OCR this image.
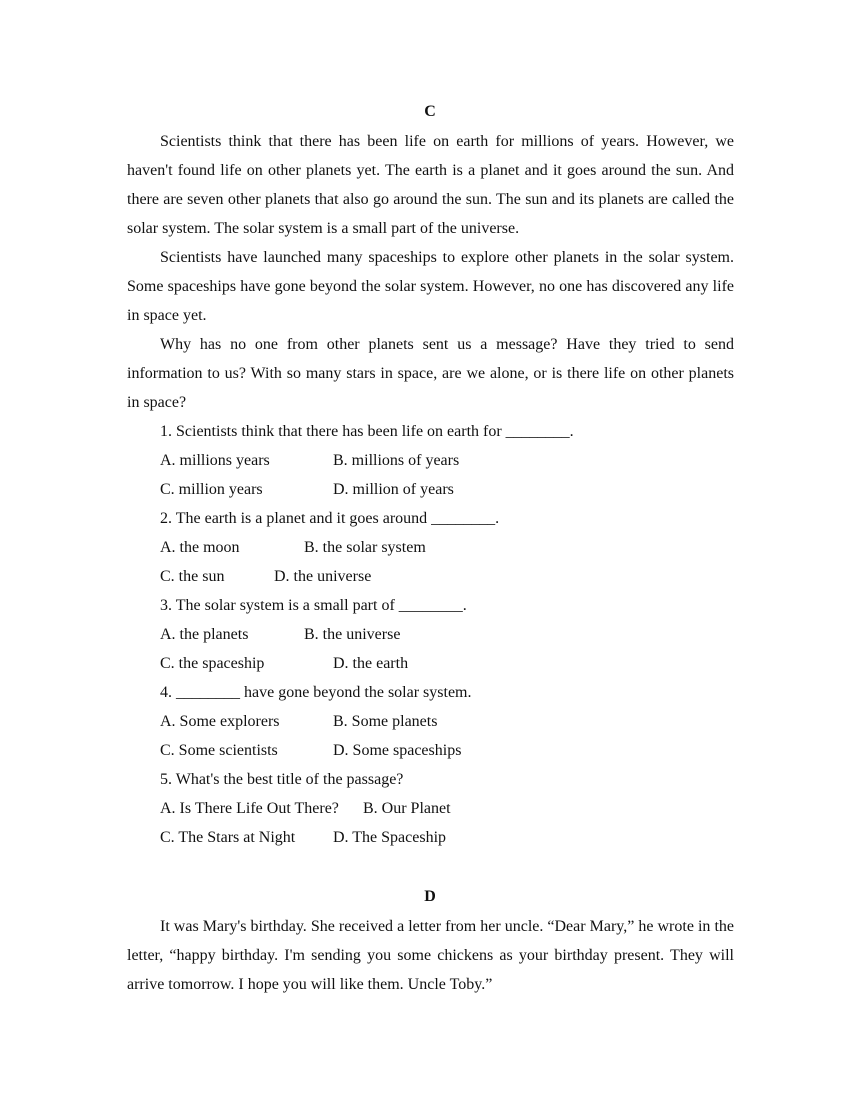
C

Scientists think that there has been life on earth for millions of years. However, we haven't found life on other planets yet. The earth is a planet and it goes around the sun. And there are seven other planets that also go around the sun. The sun and its planets are called the solar system. The solar system is a small part of the universe.

Scientists have launched many spaceships to explore other planets in the solar system. Some spaceships have gone beyond the solar system. However, no one has discovered any life in space yet.

Why has no one from other planets sent us a message? Have they tried to send information to us? With so many stars in space, are we alone, or is there life on other planets in space?

1. Scientists think that there has been life on earth for ________.
A. millions years	B. millions of years
C. million years	D. million of years
2. The earth is a planet and it goes around ________.
A. the moon	B. the solar system
C. the sun	D. the universe
3. The solar system is a small part of ________.
A. the planets	B. the universe
C. the spaceship	D. the earth
4. ________ have gone beyond the solar system.
A. Some explorers	B. Some planets
C. Some scientists	D. Some spaceships
5. What's the best title of the passage?
A. Is There Life Out There? B. Our Planet
C. The Stars at Night D. The Spaceship
D

It was Mary's birthday. She received a letter from her uncle. “Dear Mary,” he wrote in the letter, “happy birthday. I'm sending you some chickens as your birthday present. They will arrive tomorrow. I hope you will like them. Uncle Toby.”
